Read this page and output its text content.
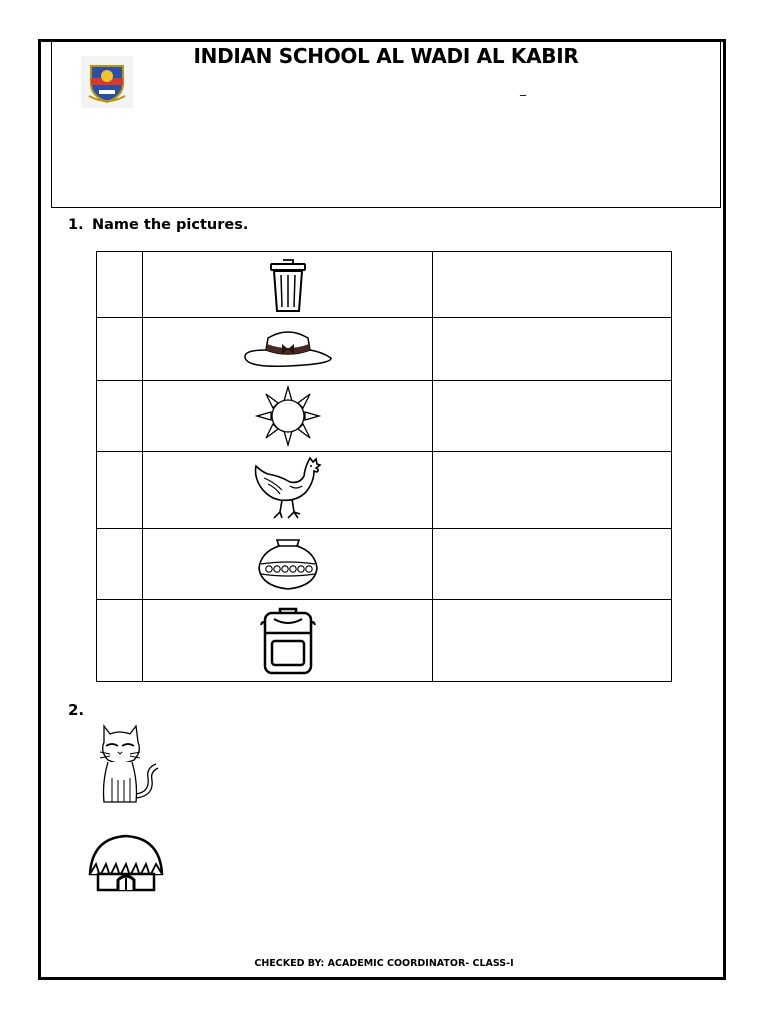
INDIAN SCHOOL AL WADI AL KABIR
_
1. Name the pictures.

2.
CHECKED BY: ACADEMIC COORDINATOR- CLASS-I
